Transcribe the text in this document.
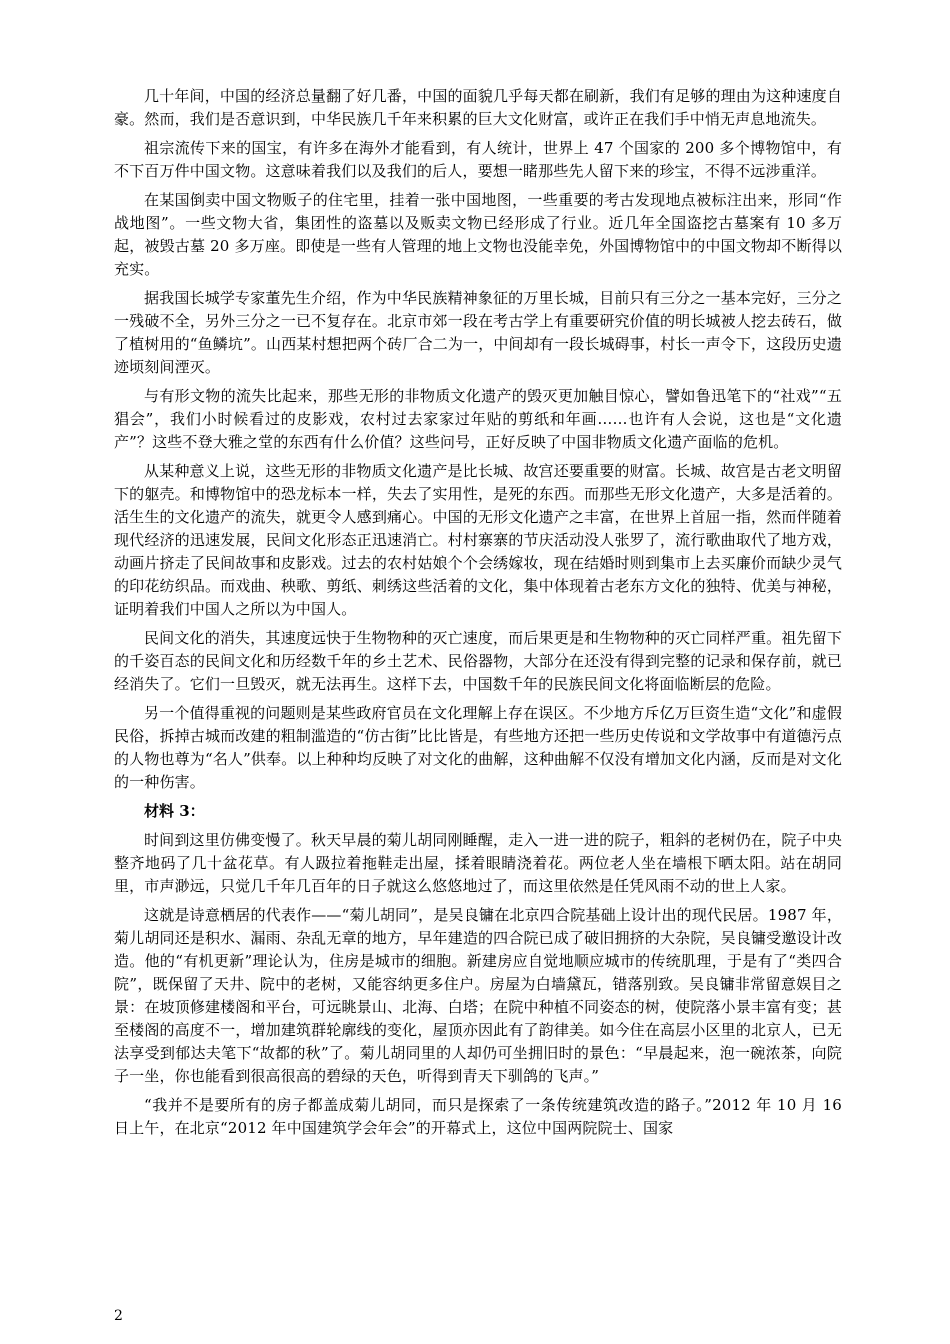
几十年间，中国的经济总量翻了好几番，中国的面貌几乎每天都在刷新，我们有足够的理由为这种速度自豪。然而，我们是否意识到，中华民族几千年来积累的巨大文化财富，或许正在我们手中悄无声息地流失。

祖宗流传下来的国宝，有许多在海外才能看到，有人统计，世界上 47 个国家的 200 多个博物馆中，有不下百万件中国文物。这意味着我们以及我们的后人，要想一睹那些先人留下来的珍宝，不得不远涉重洋。

在某国倒卖中国文物贩子的住宅里，挂着一张中国地图，一些重要的考古发现地点被标注出来，形同“作战地图”。一些文物大省，集团性的盗墓以及贩卖文物已经形成了行业。近几年全国盗挖古墓案有 10 多万起，被毁古墓 20 多万座。即使是一些有人管理的地上文物也没能幸免，外国博物馆中的中国文物却不断得以充实。

据我国长城学专家董先生介绍，作为中华民族精神象征的万里长城，目前只有三分之一基本完好，三分之一残破不全，另外三分之一已不复存在。北京市郊一段在考古学上有重要研究价值的明长城被人挖去砖石，做了植树用的“鱼鳞坑”。山西某村想把两个砖厂合二为一，中间却有一段长城碍事，村长一声令下，这段历史遗迹顷刻间湮灭。

与有形文物的流失比起来，那些无形的非物质文化遗产的毁灭更加触目惊心，譬如鲁迅笔下的“社戏”“五猖会”，我们小时候看过的皮影戏，农村过去家家过年贴的剪纸和年画……也许有人会说，这也是“文化遗产”？这些不登大雅之堂的东西有什么价值？这些问号，正好反映了中国非物质文化遗产面临的危机。

从某种意义上说，这些无形的非物质文化遗产是比长城、故宫还要重要的财富。长城、故宫是古老文明留下的躯壳。和博物馆中的恐龙标本一样，失去了实用性，是死的东西。而那些无形文化遗产，大多是活着的。活生生的文化遗产的流失，就更令人感到痛心。中国的无形文化遗产之丰富，在世界上首屈一指，然而伴随着现代经济的迅速发展，民间文化形态正迅速消亡。村村寨寨的节庆活动没人张罗了，流行歌曲取代了地方戏，动画片挤走了民间故事和皮影戏。过去的农村姑娘个个会绣嫁妆，现在结婚时则到集市上去买廉价而缺少灵气的印花纺织品。而戏曲、秧歌、剪纸、刺绣这些活着的文化，集中体现着古老东方文化的独特、优美与神秘，证明着我们中国人之所以为中国人。

民间文化的消失，其速度远快于生物物种的灭亡速度，而后果更是和生物物种的灭亡同样严重。祖先留下的千姿百态的民间文化和历经数千年的乡土艺术、民俗器物，大部分在还没有得到完整的记录和保存前，就已经消失了。它们一旦毁灭，就无法再生。这样下去，中国数千年的民族民间文化将面临断层的危险。

另一个值得重视的问题则是某些政府官员在文化理解上存在误区。不少地方斥亿万巨资生造“文化”和虚假民俗，拆掉古城而改建的粗制滥造的“仿古街”比比皆是，有些地方还把一些历史传说和文学故事中有道德污点的人物也尊为“名人”供奉。以上种种均反映了对文化的曲解，这种曲解不仅没有增加文化内涵，反而是对文化的一种伤害。

材料 3：

时间到这里仿佛变慢了。秋天早晨的菊儿胡同刚睡醒，走入一进一进的院子，粗斜的老树仍在，院子中央整齐地码了几十盆花草。有人趿拉着拖鞋走出屋，揉着眼睛浇着花。两位老人坐在墙根下晒太阳。站在胡同里，市声渺远，只觉几千年几百年的日子就这么悠悠地过了，而这里依然是任凭风雨不动的世上人家。

这就是诗意栖居的代表作——“菊儿胡同”，是吴良镛在北京四合院基础上设计出的现代民居。1987 年，菊儿胡同还是积水、漏雨、杂乱无章的地方，早年建造的四合院已成了破旧拥挤的大杂院，吴良镛受邀设计改造。他的“有机更新”理论认为，住房是城市的细胞。新建房应自觉地顺应城市的传统肌理，于是有了“类四合院”，既保留了天井、院中的老树，又能容纳更多住户。房屋为白墙黛瓦，错落别致。吴良镛非常留意娱目之景：在坡顶修建楼阁和平台，可远眺景山、北海、白塔；在院中种植不同姿态的树，使院落小景丰富有变；甚至楼阁的高度不一，增加建筑群轮廓线的变化，屋顶亦因此有了韵律美。如今住在高层小区里的北京人，已无法享受到郁达夫笔下“故都的秋”了。菊儿胡同里的人却仍可坐拥旧时的景色：“早晨起来，泡一碗浓茶，向院子一坐，你也能看到很高很高的碧绿的天色，听得到青天下驯鸽的飞声。”

“我并不是要所有的房子都盖成菊儿胡同，而只是探索了一条传统建筑改造的路子。”2012 年 10 月 16 日上午，在北京“2012 年中国建筑学会年会”的开幕式上，这位中国两院院士、国家

2
